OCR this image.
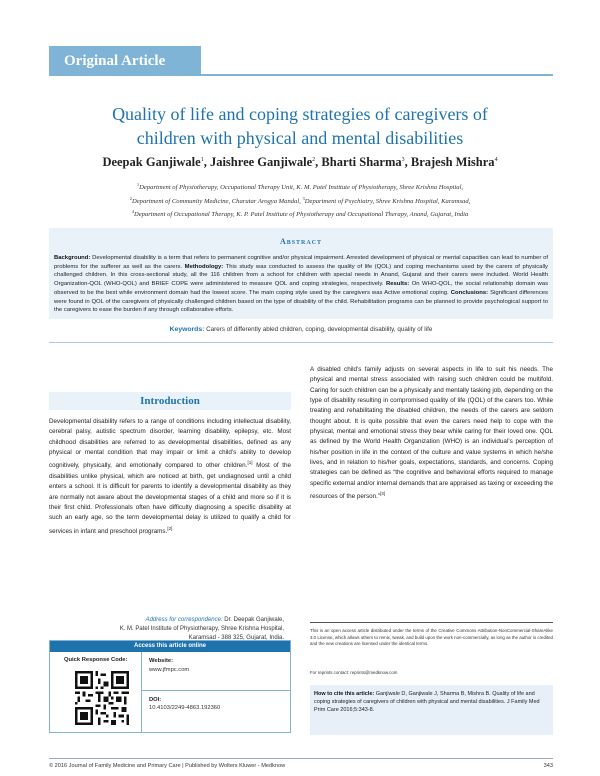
Original Article
Quality of life and coping strategies of caregivers of
children with physical and mental disabilities
Deepak Ganjiwale$^1$, Jaishree Ganjiwale$^2$, Bharti Sharma$^3$, Brajesh Mishra$^4$
$^1$Department of Physiotherapy, Occupational Therapy Unit, K. M. Patel Institute of Physiotherapy, Shree Krishna Hospital,
$^2$Department of Community Medicine, Charutar Arogya Mandal, $^3$Department of Psychiatry, Shree Krishna Hospital, Karamsad,
$^4$Department of Occupational Therapy, K. P. Patel Institute of Physiotherapy and Occupational Therapy, Anand, Gujarat, India
Abstract
Background: Developmental disability is a term that refers to permanent cognitive and/or physical impairment. Arrested development of physical or mental capacities can lead to number of problems for the sufferer as well as the carers. Methodology: This study was conducted to assess the quality of life (QOL) and coping mechanisms used by the carers of physically challenged children. In this cross-sectional study, all the 116 children from a school for children with special needs in Anand, Gujarat and their carers were included. World Health Organization-QOL (WHO-QOL) and BRIEF COPE were administered to measure QOL and coping strategies, respectively. Results: On WHO-QOL, the social relationship domain was observed to be the best while environment domain had the lowest score. The main coping style used by the caregivers was Active emotional coping. Conclusions: Significant differences were found in QOL of the caregivers of physically challenged children based on the type of disability of the child. Rehabilitation programs can be planned to provide psychological support to the caregivers to ease the burden if any through collaborative efforts.
Keywords: Carers of differently abled children, coping, developmental disability, quality of life
Introduction
Developmental disability refers to a range of conditions including intellectual disability, cerebral palsy, autistic spectrum disorder, learning disability, epilepsy, etc. Most childhood disabilities are referred to as developmental disabilities, defined as any physical or mental condition that may impair or limit a child’s ability to develop cognitively, physically, and emotionally compared to other children.[1] Most of the disabilities unlike physical, which are noticed at birth, get undiagnosed until a child enters a school. It is difficult for parents to identify a developmental disability as they are normally not aware about the developmental stages of a child and more so if it is their first child. Professionals often have difficulty diagnosing a specific disability at such an early age, so the term developmental delay is utilized to qualify a child for services in infant and preschool programs.[2]
A disabled child’s family adjusts on several aspects in life to suit his needs. The physical and mental stress associated with raising such children could be multifold. Caring for such children can be a physically and mentally tasking job, depending on the type of disability resulting in compromised quality of life (QOL) of the carers too. While treating and rehabilitating the disabled children, the needs of the carers are seldom thought about. It is quite possible that even the carers need help to cope with the physical, mental and emotional stress they bear while caring for their loved one. QOL as defined by the World Health Organization (WHO) is an individual’s perception of his/her position in life in the context of the culture and value systems in which he/she lives, and in relation to his/her goals, expectations, standards, and concerns. Coping strategies can be defined as “the cognitive and behavioral efforts required to manage specific external and/or internal demands that are appraised as taxing or exceeding the resources of the person.”[3]
Address for correspondence: Dr. Deepak Ganjiwale,
K. M. Patel Institute of Physiotherapy, Shree Krishna Hospital,
Karamsad - 388 325, Gujarat, India.
Access this article online
Quick Response Code:	Website:
www.jfmpc.com
DOI:
10.4103/2249-4863.192360
This is an open access article distributed under the terms of the Creative Commons Attribution-NonCommercial-ShareAlike 3.0 License, which allows others to remix, tweak, and build upon the work non-commercially, as long as the author is credited and the new creations are licensed under the identical terms.
For reprints contact: reprints@medknow.com
How to cite this article: Ganjiwale D, Ganjiwale J, Sharma B, Mishra B. Quality of life and coping strategies of caregivers of children with physical and mental disabilities. J Family Med Prim Care 2016;5:343-8.
© 2016 Journal of Family Medicine and Primary Care | Published by Wolters Kluwer - Medknow	343
